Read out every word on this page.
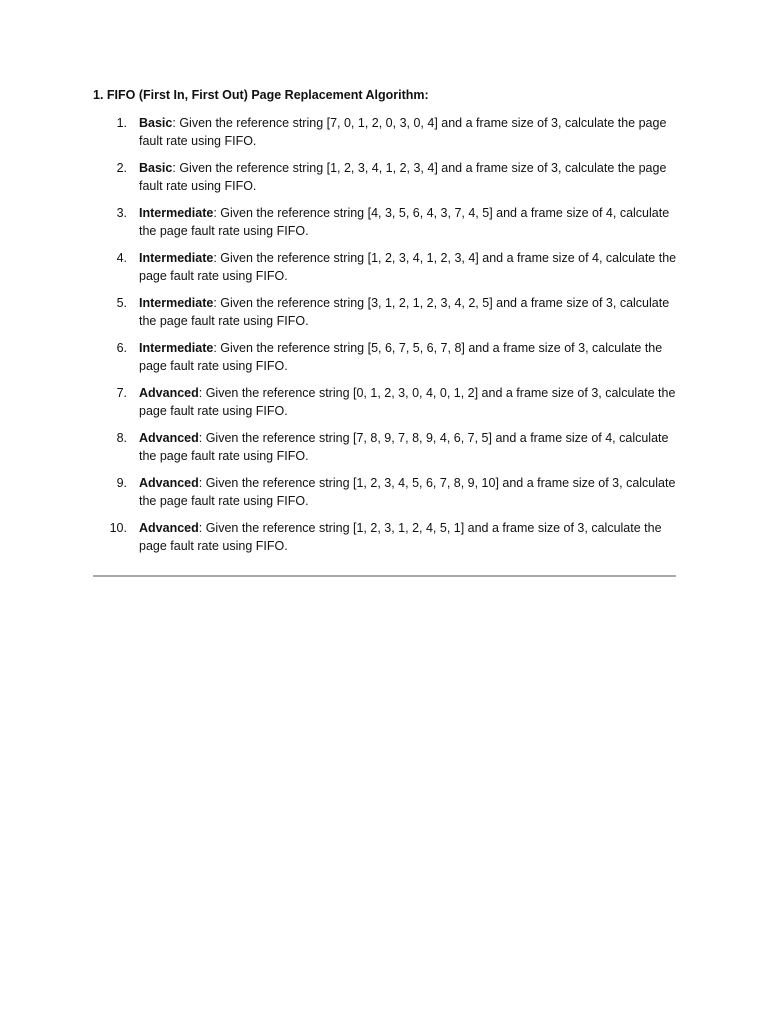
1. FIFO (First In, First Out) Page Replacement Algorithm:
1. Basic: Given the reference string [7, 0, 1, 2, 0, 3, 0, 4] and a frame size of 3, calculate the page fault rate using FIFO.
2. Basic: Given the reference string [1, 2, 3, 4, 1, 2, 3, 4] and a frame size of 3, calculate the page fault rate using FIFO.
3. Intermediate: Given the reference string [4, 3, 5, 6, 4, 3, 7, 4, 5] and a frame size of 4, calculate the page fault rate using FIFO.
4. Intermediate: Given the reference string [1, 2, 3, 4, 1, 2, 3, 4] and a frame size of 4, calculate the page fault rate using FIFO.
5. Intermediate: Given the reference string [3, 1, 2, 1, 2, 3, 4, 2, 5] and a frame size of 3, calculate the page fault rate using FIFO.
6. Intermediate: Given the reference string [5, 6, 7, 5, 6, 7, 8] and a frame size of 3, calculate the page fault rate using FIFO.
7. Advanced: Given the reference string [0, 1, 2, 3, 0, 4, 0, 1, 2] and a frame size of 3, calculate the page fault rate using FIFO.
8. Advanced: Given the reference string [7, 8, 9, 7, 8, 9, 4, 6, 7, 5] and a frame size of 4, calculate the page fault rate using FIFO.
9. Advanced: Given the reference string [1, 2, 3, 4, 5, 6, 7, 8, 9, 10] and a frame size of 3, calculate the page fault rate using FIFO.
10. Advanced: Given the reference string [1, 2, 3, 1, 2, 4, 5, 1] and a frame size of 3, calculate the page fault rate using FIFO.
